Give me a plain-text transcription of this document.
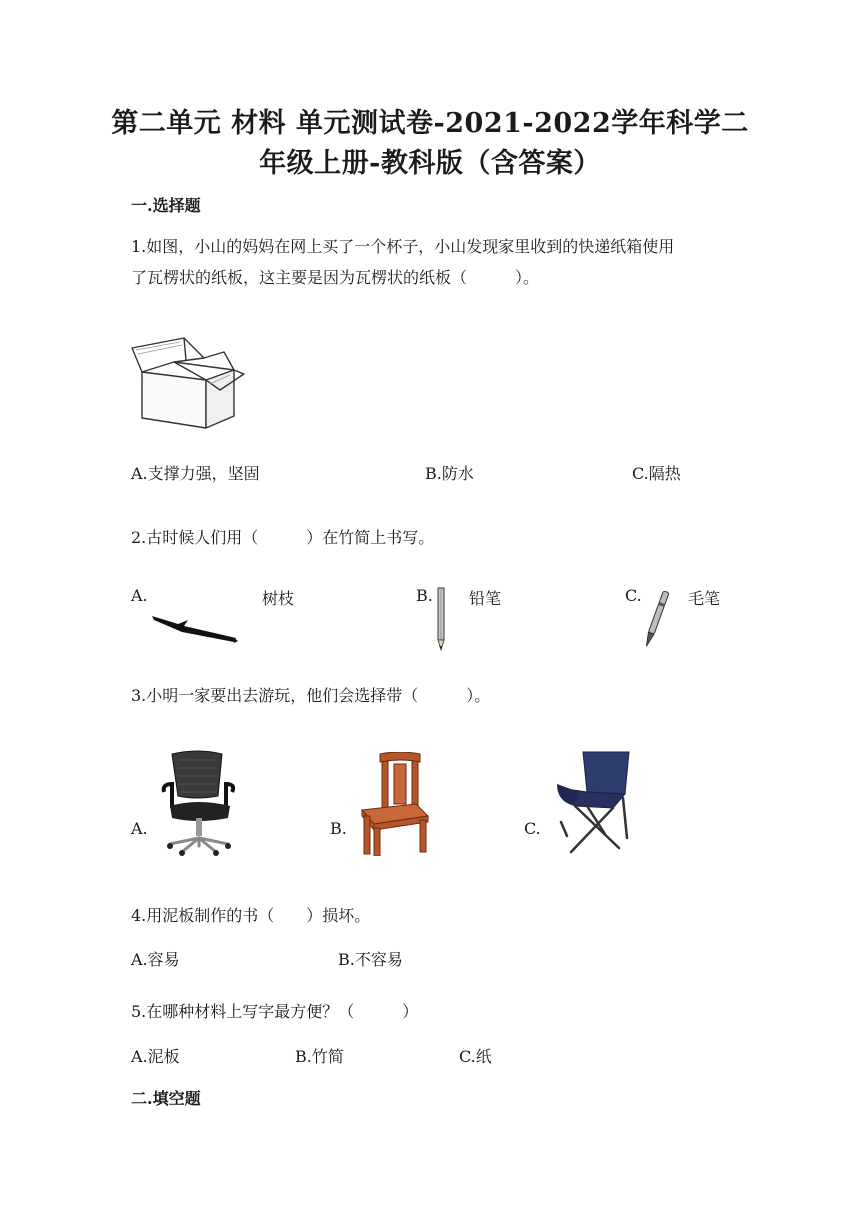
第二单元 材料 单元测试卷-2021-2022学年科学二
年级上册-教科版（含答案）
一.选择题
1.如图，小山的妈妈在网上买了一个杯子，小山发现家里收到的快递纸箱使用
了瓦楞状的纸板，这主要是因为瓦楞状的纸板（　　　）。
A.支撑力强，坚固	B.防水	C.隔热
2.古时候人们用（　　　）在竹简上书写。
A.	树枝	B. 铅笔	C.	毛笔
3.小明一家要出去游玩，他们会选择带（　　　）。
A.	B.	C.
4.用泥板制作的书（　　）损坏。
A.容易	B.不容易
5.在哪种材料上写字最方便？（　　　）
A.泥板	B.竹简	C.纸
二.填空题
